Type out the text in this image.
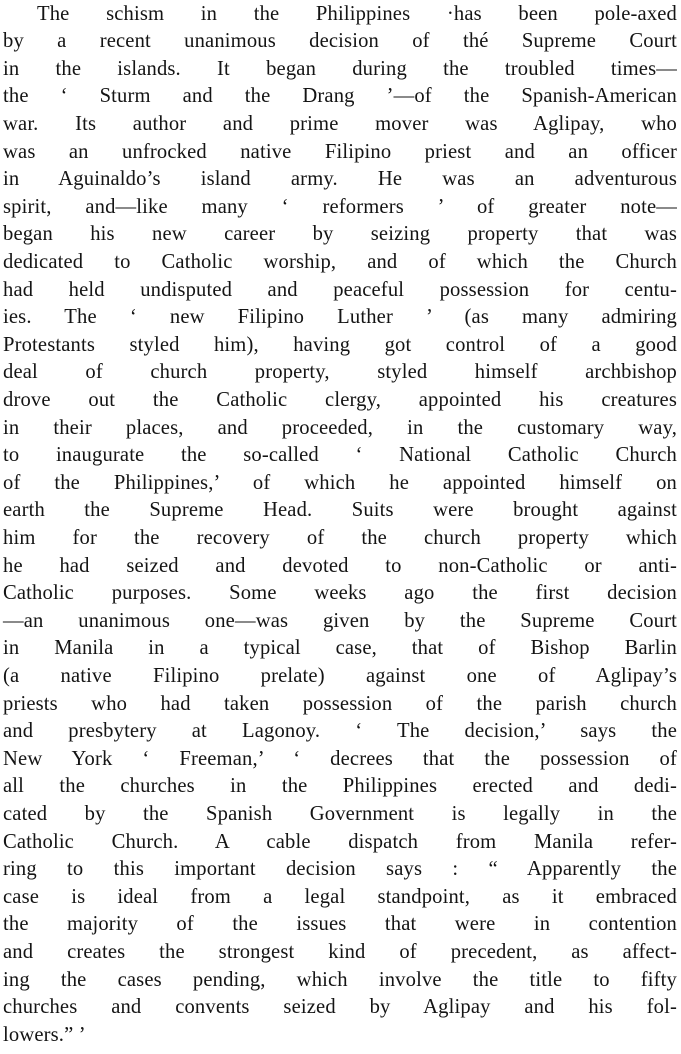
The schism in the Philippines ·has been pole-axed
by a recent unanimous decision of thé Supreme Court
in the islands. It began during the troubled times—
the ‘ Sturm and the Drang ’—of the Spanish-American
war. Its author and prime mover was Aglipay, who
was an unfrocked native Filipino priest and an officer
in Aguinaldo’s island army. He was an adventurous
spirit, and—like many ‘ reformers ’ of greater note—
began his new career by seizing property that was
dedicated to Catholic worship, and of which the Church
had held undisputed and peaceful possession for centu-
ies. The ‘ new Filipino Luther ’ (as many admiring
Protestants styled him), having got control of a good
deal of church property, styled himself archbishop
drove out the Catholic clergy, appointed his creatures
in their places, and proceeded, in the customary way,
to inaugurate the so-called ‘ National Catholic Church
of the Philippines,’ of which he appointed himself on
earth the Supreme Head. Suits were brought against
him for the recovery of the church property which
he had seized and devoted to non-Catholic or anti-
Catholic purposes. Some weeks ago the first decision
—an unanimous one—was given by the Supreme Court
in Manila in a typical case, that of Bishop Barlin
(a native Filipino prelate) against one of Aglipay’s
priests who had taken possession of the parish church
and presbytery at Lagonoy. ‘ The decision,’ says the
New York ‘ Freeman,’ ‘ decrees that the possession of
all the churches in the Philippines erected and dedi-
cated by the Spanish Government is legally in the
Catholic Church. A cable dispatch from Manila refer-
ring to this important decision says : “ Apparently the
case is ideal from a legal standpoint, as it embraced
the majority of the issues that were in contention
and creates the strongest kind of precedent, as affect-
ing the cases pending, which involve the title to fifty
churches and convents seized by Aglipay and his fol-
lowers.” ’
